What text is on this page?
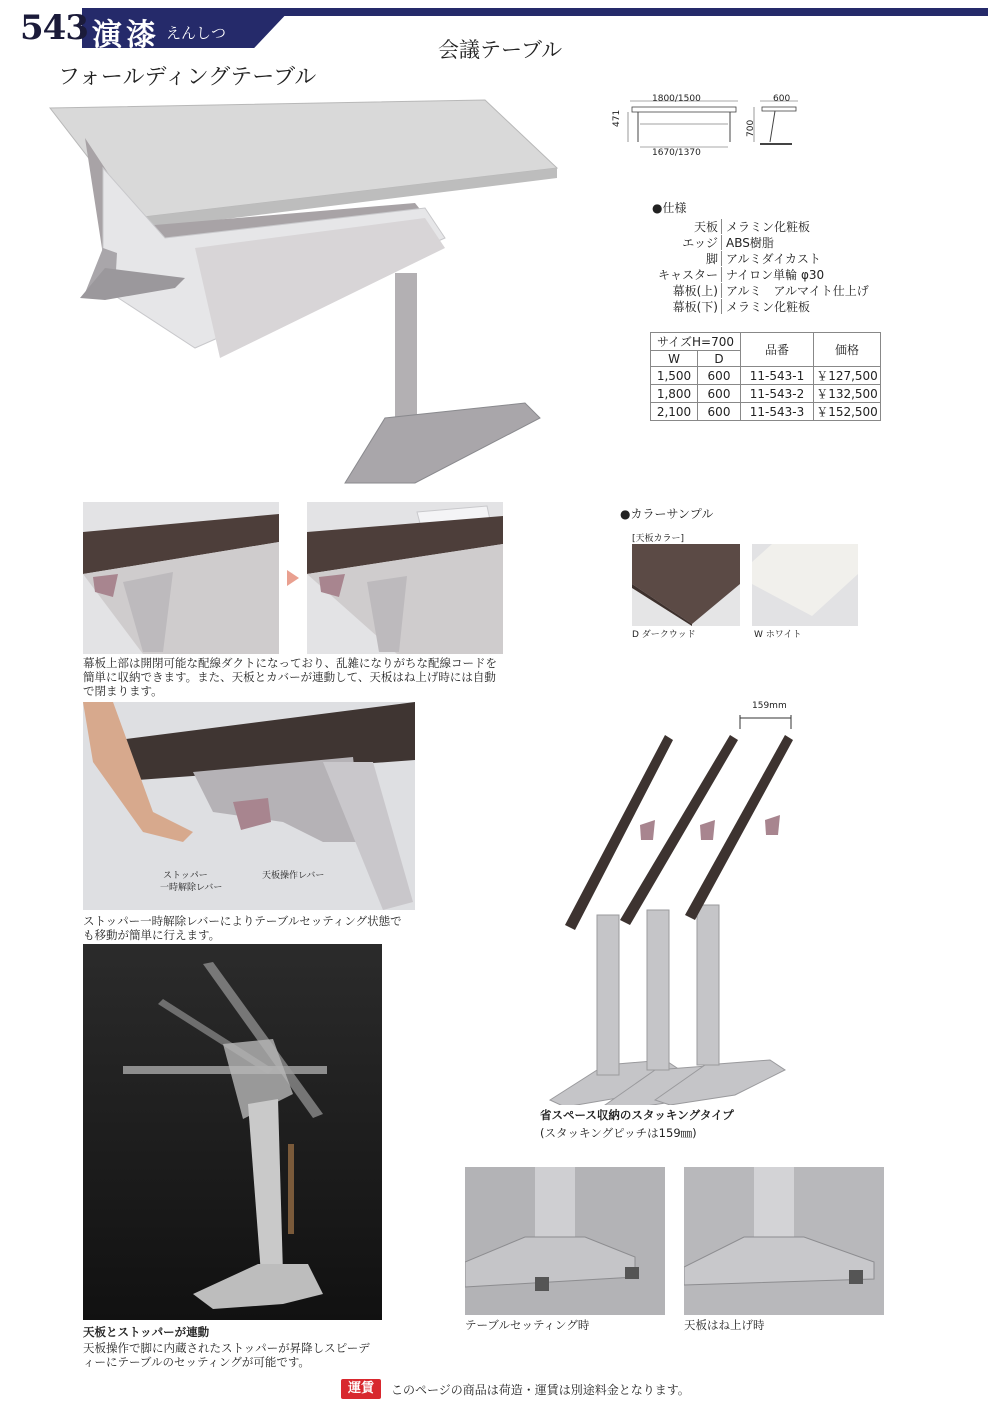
543 演漆 えんしつ
会議テーブル
フォールディングテーブル
1800/1500
1670/1370
471
600
700
●仕様
天板 メラミン化粧板
エッジ ABS樹脂
脚 アルミダイカスト
キャスター ナイロン単輪 φ30
幕板(上) アルミ　アルマイト仕上げ
幕板(下) メラミン化粧板
サイズH=700		品番	価格
W	D		
1,500	600	11-543-1	￥127,500
1,800	600	11-543-2	￥132,500
2,100	600	11-543-3	￥152,500
幕板上部は開閉可能な配線ダクトになっており、乱雑になりがちな配線コードを簡単に収納できます。また、天板とカバーが連動して、天板はね上げ時には自動で閉まります。
ストッパー
一時解除レバー
天板操作レバー
ストッパー一時解除レバーによりテーブルセッティング状態でも移動が簡単に行えます。
天板とストッパーが連動
天板操作で脚に内蔵されたストッパーが昇降しスピーディーにテーブルのセッティングが可能です。
●カラーサンプル
[天板カラー]
D ダークウッド	W ホワイト
159mm
省スペース収納のスタッキングタイプ
(スタッキングピッチは159㎜)
テーブルセッティング時	天板はね上げ時
運賃	このページの商品は荷造・運賃は別途料金となります。
